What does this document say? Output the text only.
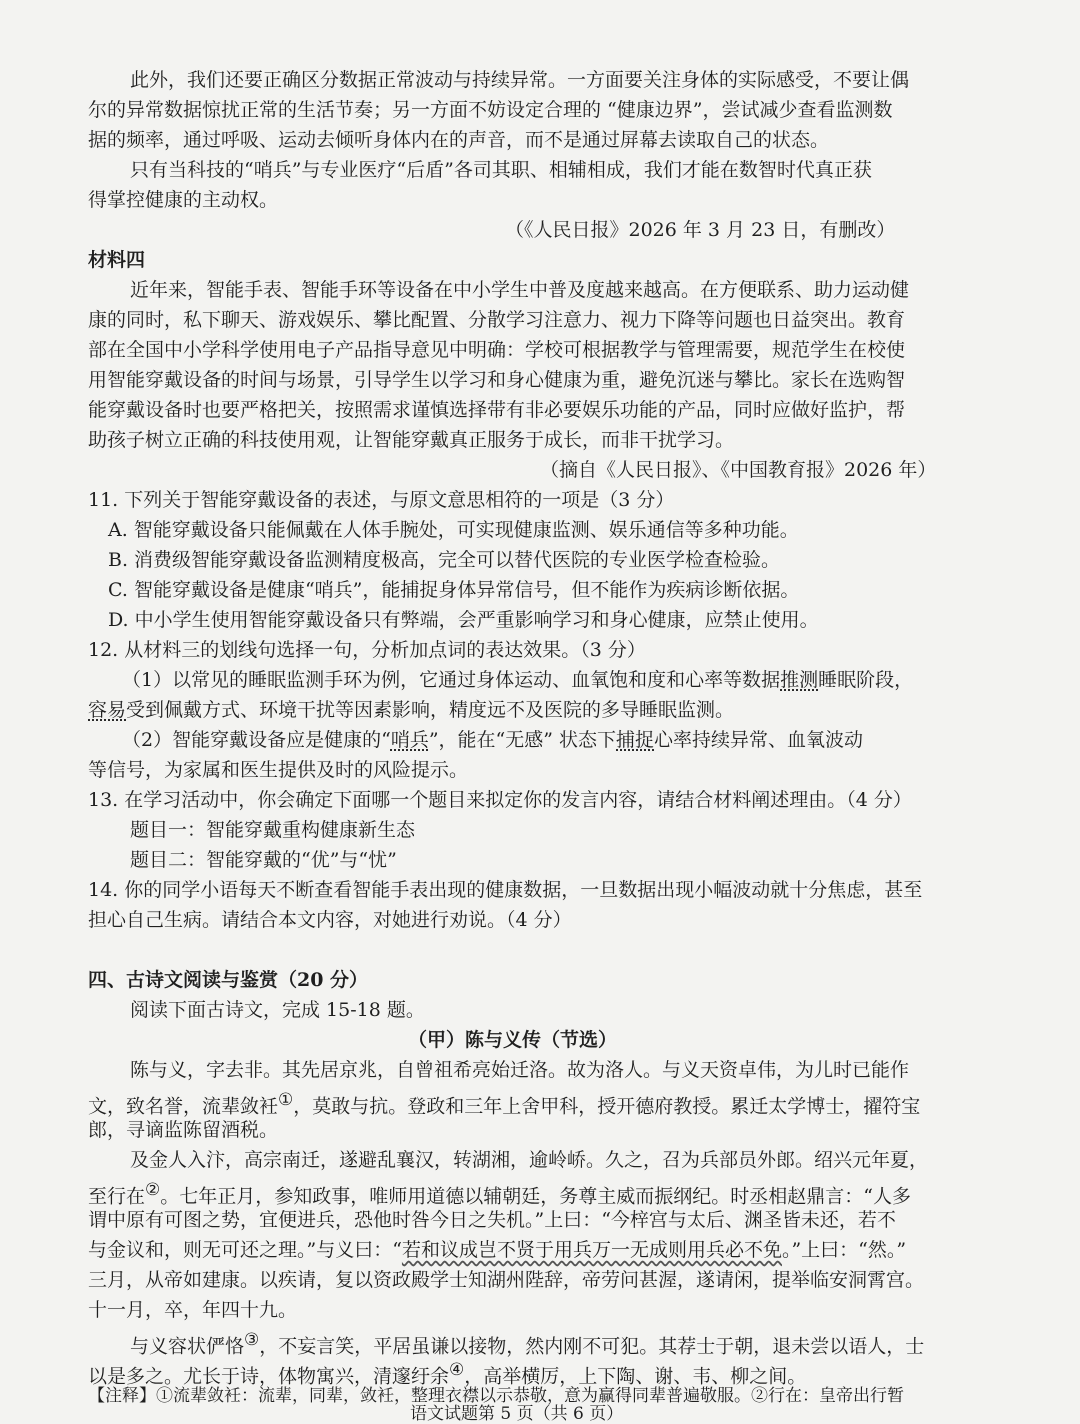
此外，我们还要正确区分数据正常波动与持续异常。一方面要关注身体的实际感受，不要让偶
尔的异常数据惊扰正常的生活节奏；另一方面不妨设定合理的 “健康边界”，尝试减少查看监测数
据的频率，通过呼吸、运动去倾听身体内在的声音，而不是通过屏幕去读取自己的状态。
只有当科技的“哨兵”与专业医疗“后盾”各司其职、相辅相成，我们才能在数智时代真正获
得掌控健康的主动权。
（《人民日报》2026 年 3 月 23 日，有删改）
材料四
近年来，智能手表、智能手环等设备在中小学生中普及度越来越高。在方便联系、助力运动健
康的同时，私下聊天、游戏娱乐、攀比配置、分散学习注意力、视力下降等问题也日益突出。教育
部在全国中小学科学使用电子产品指导意见中明确：学校可根据教学与管理需要，规范学生在校使
用智能穿戴设备的时间与场景，引导学生以学习和身心健康为重，避免沉迷与攀比。家长在选购智
能穿戴设备时也要严格把关，按照需求谨慎选择带有非必要娱乐功能的产品，同时应做好监护，帮
助孩子树立正确的科技使用观，让智能穿戴真正服务于成长，而非干扰学习。
（摘自《人民日报》、《中国教育报》2026 年）
11. 下列关于智能穿戴设备的表述，与原文意思相符的一项是（3 分）
A. 智能穿戴设备只能佩戴在人体手腕处，可实现健康监测、娱乐通信等多种功能。
B. 消费级智能穿戴设备监测精度极高，完全可以替代医院的专业医学检查检验。
C. 智能穿戴设备是健康“哨兵”，能捕捉身体异常信号，但不能作为疾病诊断依据。
D. 中小学生使用智能穿戴设备只有弊端，会严重影响学习和身心健康，应禁止使用。
12. 从材料三的划线句选择一句，分析加点词的表达效果。（3 分）
（1）以常见的睡眠监测手环为例，它通过身体运动、血氧饱和度和心率等数据推测睡眠阶段，
容易受到佩戴方式、环境干扰等因素影响，精度远不及医院的多导睡眠监测。
（2）智能穿戴设备应是健康的“哨兵”，能在“无感” 状态下捕捉心率持续异常、血氧波动
等信号，为家属和医生提供及时的风险提示。
13. 在学习活动中，你会确定下面哪一个题目来拟定你的发言内容，请结合材料阐述理由。（4 分）
题目一：智能穿戴重构健康新生态
题目二：智能穿戴的“优”与“忧”
14. 你的同学小语每天不断查看智能手表出现的健康数据，一旦数据出现小幅波动就十分焦虑，甚至
担心自己生病。请结合本文内容，对她进行劝说。（4 分）
四、古诗文阅读与鉴赏（20 分）
阅读下面古诗文，完成 15-18 题。
（甲）陈与义传（节选）
陈与义，字去非。其先居京兆，自曾祖希亮始迁洛。故为洛人。与义天资卓伟，为儿时已能作
文，致名誉，流辈敛衽①，莫敢与抗。登政和三年上舍甲科，授开德府教授。累迁太学博士，擢符宝
郎，寻谪监陈留酒税。
及金人入汴，高宗南迁，遂避乱襄汉，转湖湘，逾岭峤。久之，召为兵部员外郎。绍兴元年夏，
至行在②。七年正月，参知政事，唯师用道德以辅朝廷，务尊主威而振纲纪。时丞相赵鼎言：“人多
谓中原有可图之势，宜便进兵，恐他时咎今日之失机。”上曰：“今梓宫与太后、渊圣皆未还，若不
与金议和，则无可还之理。”与义曰：“若和议成岂不贤于用兵万一无成则用兵必不免。”上曰：“然。”
三月，从帝如建康。以疾请，复以资政殿学士知湖州陛辞，帝劳问甚渥，遂请闲，提举临安洞霄宫。
十一月，卒，年四十九。
与义容状俨恪③，不妄言笑，平居虽谦以接物，然内刚不可犯。其荐士于朝，退未尝以语人，士
以是多之。尤长于诗，体物寓兴，清邃纡余④，高举横厉，上下陶、谢、韦、柳之间。
【注释】①流辈敛衽：流辈，同辈，敛衽，整理衣襟以示恭敬，意为赢得同辈普遍敬服。②行在：皇帝出行暂
语文试题第 5 页（共 6 页）
